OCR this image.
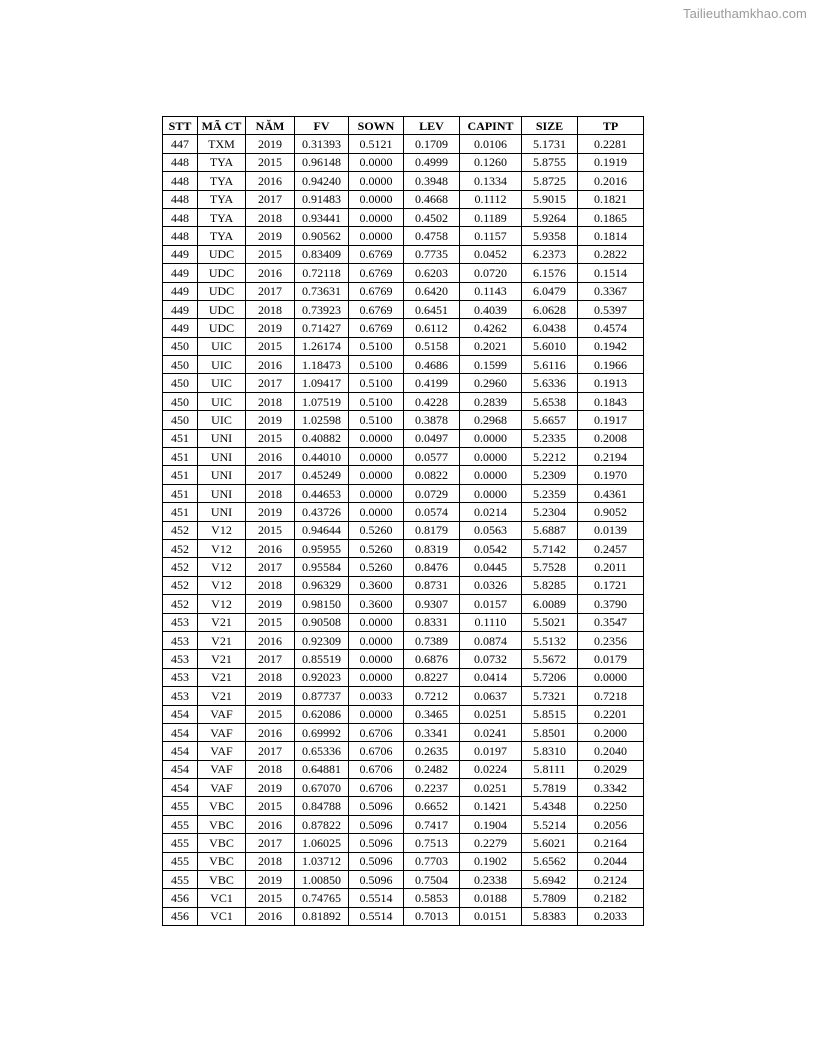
Tailieuthamkhao.com
STT	MÃ CT	NĂM	FV	SOWN	LEV	CAPINT	SIZE	TP
447	TXM	2019	0.31393	0.5121	0.1709	0.0106	5.1731	0.2281
448	TYA	2015	0.96148	0.0000	0.4999	0.1260	5.8755	0.1919
448	TYA	2016	0.94240	0.0000	0.3948	0.1334	5.8725	0.2016
448	TYA	2017	0.91483	0.0000	0.4668	0.1112	5.9015	0.1821
448	TYA	2018	0.93441	0.0000	0.4502	0.1189	5.9264	0.1865
448	TYA	2019	0.90562	0.0000	0.4758	0.1157	5.9358	0.1814
449	UDC	2015	0.83409	0.6769	0.7735	0.0452	6.2373	0.2822
449	UDC	2016	0.72118	0.6769	0.6203	0.0720	6.1576	0.1514
449	UDC	2017	0.73631	0.6769	0.6420	0.1143	6.0479	0.3367
449	UDC	2018	0.73923	0.6769	0.6451	0.4039	6.0628	0.5397
449	UDC	2019	0.71427	0.6769	0.6112	0.4262	6.0438	0.4574
450	UIC	2015	1.26174	0.5100	0.5158	0.2021	5.6010	0.1942
450	UIC	2016	1.18473	0.5100	0.4686	0.1599	5.6116	0.1966
450	UIC	2017	1.09417	0.5100	0.4199	0.2960	5.6336	0.1913
450	UIC	2018	1.07519	0.5100	0.4228	0.2839	5.6538	0.1843
450	UIC	2019	1.02598	0.5100	0.3878	0.2968	5.6657	0.1917
451	UNI	2015	0.40882	0.0000	0.0497	0.0000	5.2335	0.2008
451	UNI	2016	0.44010	0.0000	0.0577	0.0000	5.2212	0.2194
451	UNI	2017	0.45249	0.0000	0.0822	0.0000	5.2309	0.1970
451	UNI	2018	0.44653	0.0000	0.0729	0.0000	5.2359	0.4361
451	UNI	2019	0.43726	0.0000	0.0574	0.0214	5.2304	0.9052
452	V12	2015	0.94644	0.5260	0.8179	0.0563	5.6887	0.0139
452	V12	2016	0.95955	0.5260	0.8319	0.0542	5.7142	0.2457
452	V12	2017	0.95584	0.5260	0.8476	0.0445	5.7528	0.2011
452	V12	2018	0.96329	0.3600	0.8731	0.0326	5.8285	0.1721
452	V12	2019	0.98150	0.3600	0.9307	0.0157	6.0089	0.3790
453	V21	2015	0.90508	0.0000	0.8331	0.1110	5.5021	0.3547
453	V21	2016	0.92309	0.0000	0.7389	0.0874	5.5132	0.2356
453	V21	2017	0.85519	0.0000	0.6876	0.0732	5.5672	0.0179
453	V21	2018	0.92023	0.0000	0.8227	0.0414	5.7206	0.0000
453	V21	2019	0.87737	0.0033	0.7212	0.0637	5.7321	0.7218
454	VAF	2015	0.62086	0.0000	0.3465	0.0251	5.8515	0.2201
454	VAF	2016	0.69992	0.6706	0.3341	0.0241	5.8501	0.2000
454	VAF	2017	0.65336	0.6706	0.2635	0.0197	5.8310	0.2040
454	VAF	2018	0.64881	0.6706	0.2482	0.0224	5.8111	0.2029
454	VAF	2019	0.67070	0.6706	0.2237	0.0251	5.7819	0.3342
455	VBC	2015	0.84788	0.5096	0.6652	0.1421	5.4348	0.2250
455	VBC	2016	0.87822	0.5096	0.7417	0.1904	5.5214	0.2056
455	VBC	2017	1.06025	0.5096	0.7513	0.2279	5.6021	0.2164
455	VBC	2018	1.03712	0.5096	0.7703	0.1902	5.6562	0.2044
455	VBC	2019	1.00850	0.5096	0.7504	0.2338	5.6942	0.2124
456	VC1	2015	0.74765	0.5514	0.5853	0.0188	5.7809	0.2182
456	VC1	2016	0.81892	0.5514	0.7013	0.0151	5.8383	0.2033
